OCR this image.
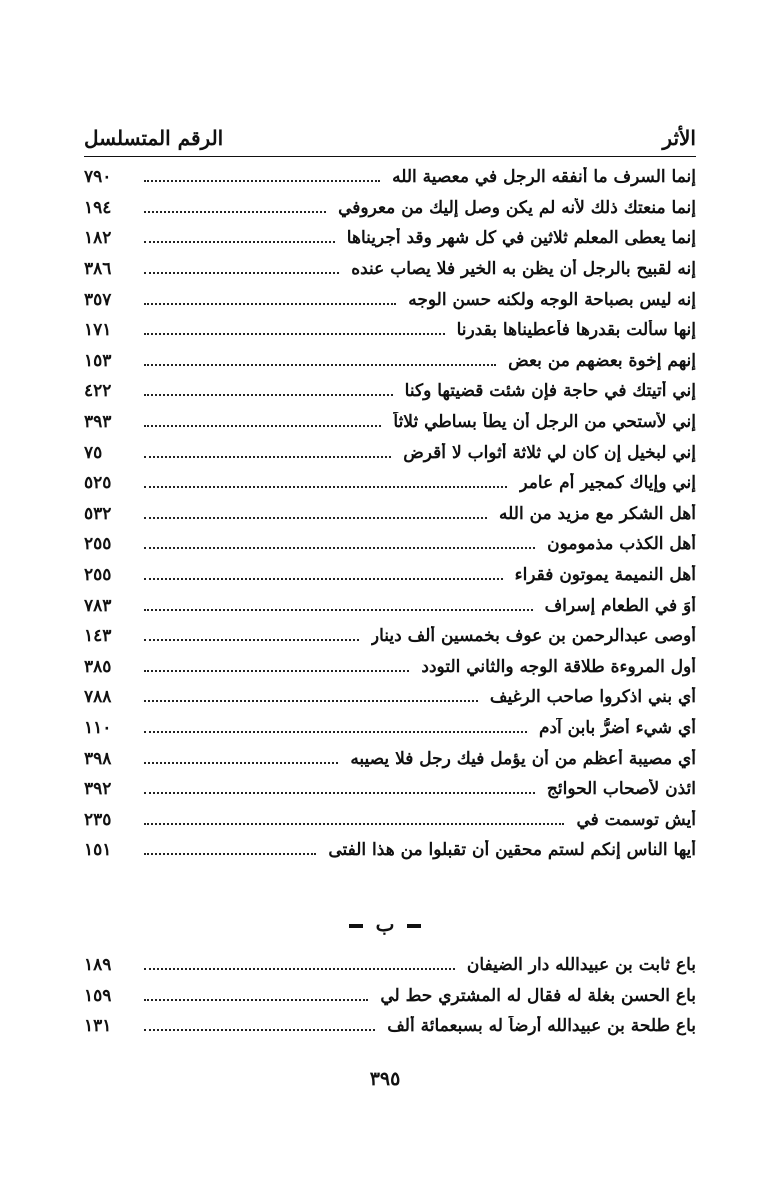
الأثر
الرقم المتسلسل
إنما السرف ما أنفقه الرجل في معصية الله
٧٩٠
إنما منعتك ذلك لأنه لم يكن وصل إليك من معروفي
١٩٤
إنما يعطى المعلم ثلاثين في كل شهر وقد أجريناها
١٨٢
إنه لقبيح بالرجل أن يظن به الخير فلا يصاب عنده
٣٨٦
إنه ليس بصباحة الوجه ولكنه حسن الوجه
٣٥٧
إنها سألت بقدرها فأعطيناها بقدرنا
١٧١
إنهم إخوة بعضهم من بعض
١٥٣
إني أتيتك في حاجة فإن شئت قضيتها وكنا
٤٢٢
إني لأستحي من الرجل أن يطأ بساطي ثلاثاً
٣٩٣
إني لبخيل إن كان لي ثلاثة أثواب لا أقرض
٧٥
إني وإياك كمجير أم عامر
٥٢٥
أهل الشكر مع مزيد من الله
٥٣٢
أهل الكذب مذمومون
٢٥٥
أهل النميمة يموتون فقراء
٢٥٥
أوَ في الطعام إسراف
٧٨٣
أوصى عبدالرحمن بن عوف بخمسين ألف دينار
١٤٣
أول المروءة طلاقة الوجه والثاني التودد
٣٨٥
أي بني اذكروا صاحب الرغيف
٧٨٨
أي شيء أضرُّ بابن آدم
١١٠
أي مصيبة أعظم من أن يؤمل فيك رجل فلا يصيبه
٣٩٨
ائذن لأصحاب الحوائج
٣٩٢
أيشٍ توسمت في
٢٣٥
أيها الناس إنكم لستم محقين أن تقبلوا من هذا الفتى
١٥١
ب
باع ثابت بن عبيدالله دار الضيفان
١٨٩
باع الحسن بغلة له فقال له المشتري حط لي
١٥٩
باع طلحة بن عبيدالله أرضاً له بسبعمائة ألف
١٣١
٣٩٥
